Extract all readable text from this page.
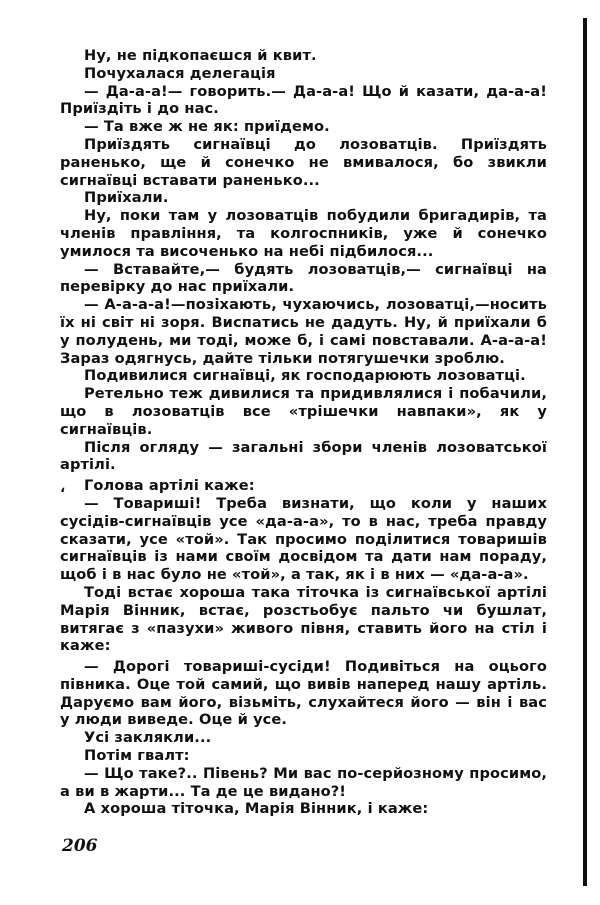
ʻ

Ну, не підкопаєшся й квит.

Почухалася делегація

— Да-а-а!— говорить.— Да-а-а! Що й казати, да-а-а! Приїздіть і до нас.

— Та вже ж не як: приїдемо.

Приїздять сигнаївці до лозоватців. Приїздять раненько, ще й сонечко не вмивалося, бо звикли сигнаївці вставати раненько...

Приїхали.

Ну, поки там у лозоватців побудили бригадирів, та членів правління, та колгоспників, уже й сонечко умилося та височенько на небі підбилося...

— Вставайте,— будять лозоватців,— сигнаївці на перевірку до нас приїхали.

— А-а-а-а!—позіхають, чухаючись, лозоватці,—носить їх ні світ ні зоря. Виспатись не дадуть. Ну, й приїхали б у полудень, ми тоді, може б, і самі повставали. А-а-а-а! Зараз одягнусь, дайте тільки потягушечки зроблю.

Подивилися сигнаївці, як господарюють лозоватці.

Ретельно теж дивилися та придивлялися і побачили, що в лозоватців все «трішечки навпаки», як у сигнаївців.

Після огляду — загальні збори членів лозоватської артілі.

Голова артілі каже:

— Товариші! Треба визнати, що коли у наших сусідів-сигнаївців усе «да-а-а», то в нас, треба правду сказати, усе «той». Так просимо поділитися товаришів сигнаївців із нами своїм досвідом та дати нам пораду, щоб і в нас було не «той», а так, як і в них — «да-а-а».

Тоді встає хороша така тіточка із сигнаївської артілі Марія Вінник, встає, розстьобує пальто чи бушлат, витягає з «пазухи» живого півня, ставить його на стіл і каже:

— Дорогі товариші-сусіди! Подивіться на оцього півника. Оце той самий, що вивів наперед нашу артіль. Даруємо вам його, візьміть, слухайтеся його — він і вас у люди виведе. Оце й усе.

Усі заклякли...

Потім гвалт:

— Що таке?.. Півень? Ми вас по-серйозному просимо, а ви в жарти... Та де це видано?!

А хороша тіточка, Марія Вінник, і каже:

206
